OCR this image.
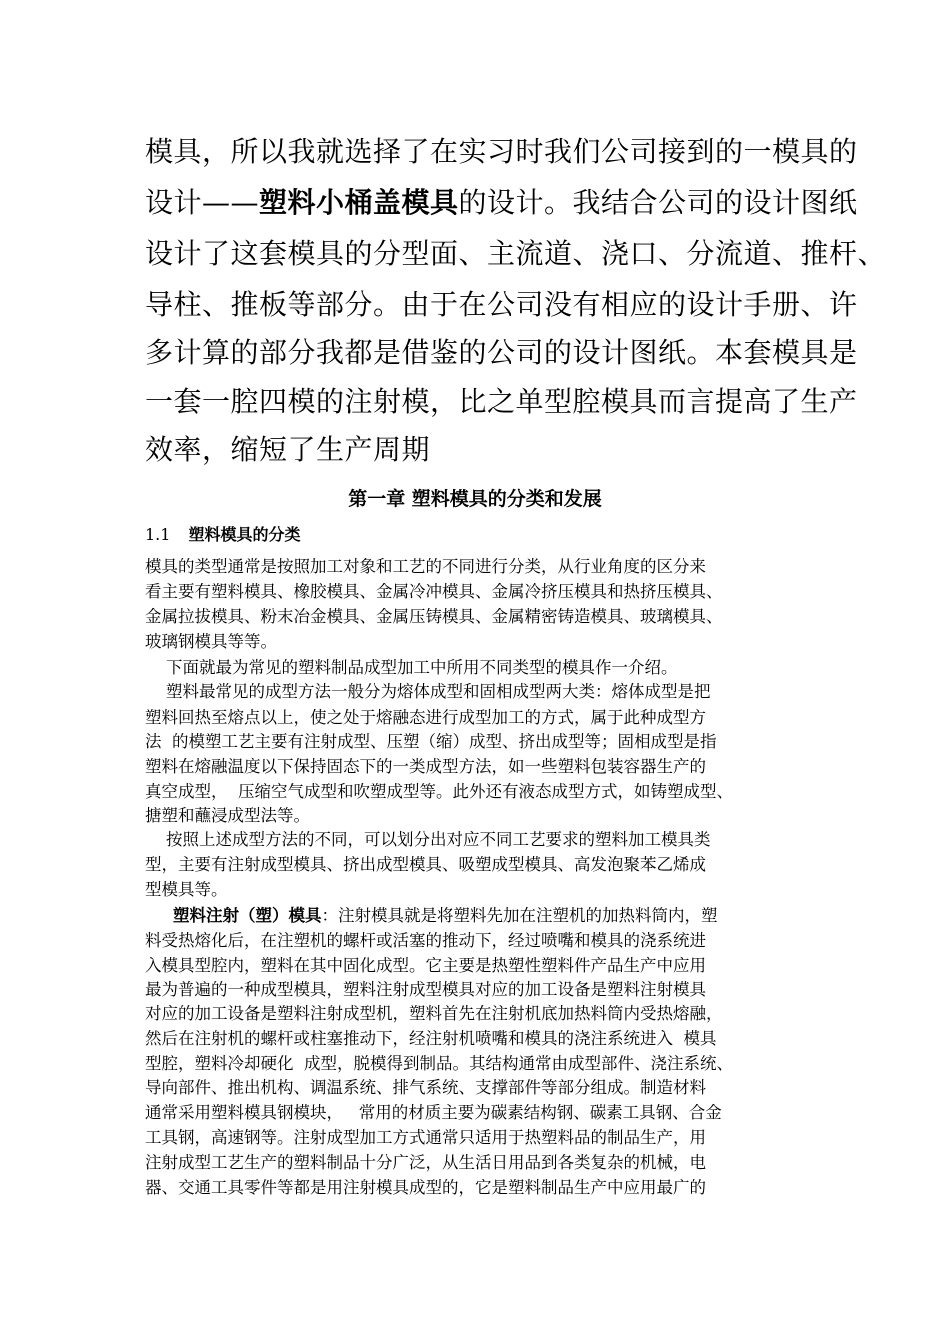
模具，所以我就选择了在实习时我们公司接到的一模具的
设计——塑料小桶盖模具的设计。我结合公司的设计图纸
设计了这套模具的分型面、主流道、浇口、分流道、推杆、
导柱、推板等部分。由于在公司没有相应的设计手册、许
多计算的部分我都是借鉴的公司的设计图纸。本套模具是
一套一腔四模的注射模，比之单型腔模具而言提高了生产
效率，缩短了生产周期
第一章 塑料模具的分类和发展
1.1 塑料模具的分类
模具的类型通常是按照加工对象和工艺的不同进行分类，从行业角度的区分来
看主要有塑料模具、橡胶模具、金属冷冲模具、金属冷挤压模具和热挤压模具、
金属拉拔模具、粉末冶金模具、金属压铸模具、金属精密铸造模具、玻璃模具、
玻璃钢模具等等。
下面就最为常见的塑料制品成型加工中所用不同类型的模具作一介绍。
塑料最常见的成型方法一般分为熔体成型和固相成型两大类：熔体成型是把
塑料回热至熔点以上，使之处于熔融态进行成型加工的方式，属于此种成型方
法  的模塑工艺主要有注射成型、压塑（缩）成型、挤出成型等；固相成型是指
塑料在熔融温度以下保持固态下的一类成型方法，如一些塑料包装容器生产的
真空成型，  压缩空气成型和吹塑成型等。此外还有液态成型方式，如铸塑成型、
搪塑和蘸浸成型法等。
按照上述成型方法的不同，可以划分出对应不同工艺要求的塑料加工模具类
型，主要有注射成型模具、挤出成型模具、吸塑成型模具、高发泡聚苯乙烯成
型模具等。
塑料注射（塑）模具：注射模具就是将塑料先加在注塑机的加热料筒内，塑
料受热熔化后，在注塑机的螺杆或活塞的推动下，经过喷嘴和模具的浇系统进
入模具型腔内，塑料在其中固化成型。它主要是热塑性塑料件产品生产中应用
最为普遍的一种成型模具，塑料注射成型模具对应的加工设备是塑料注射模具
对应的加工设备是塑料注射成型机，塑料首先在注射机底加热料筒内受热熔融，
然后在注射机的螺杆或柱塞推动下，经注射机喷嘴和模具的浇注系统进入  模具
型腔，塑料冷却硬化  成型，脱模得到制品。其结构通常由成型部件、浇注系统、
导向部件、推出机构、调温系统、排气系统、支撑部件等部分组成。制造材料
通常采用塑料模具钢模块，   常用的材质主要为碳素结构钢、碳素工具钢、合金
工具钢，高速钢等。注射成型加工方式通常只适用于热塑料品的制品生产，用
注射成型工艺生产的塑料制品十分广泛，从生活日用品到各类复杂的机械，电
器、交通工具零件等都是用注射模具成型的，它是塑料制品生产中应用最广的
